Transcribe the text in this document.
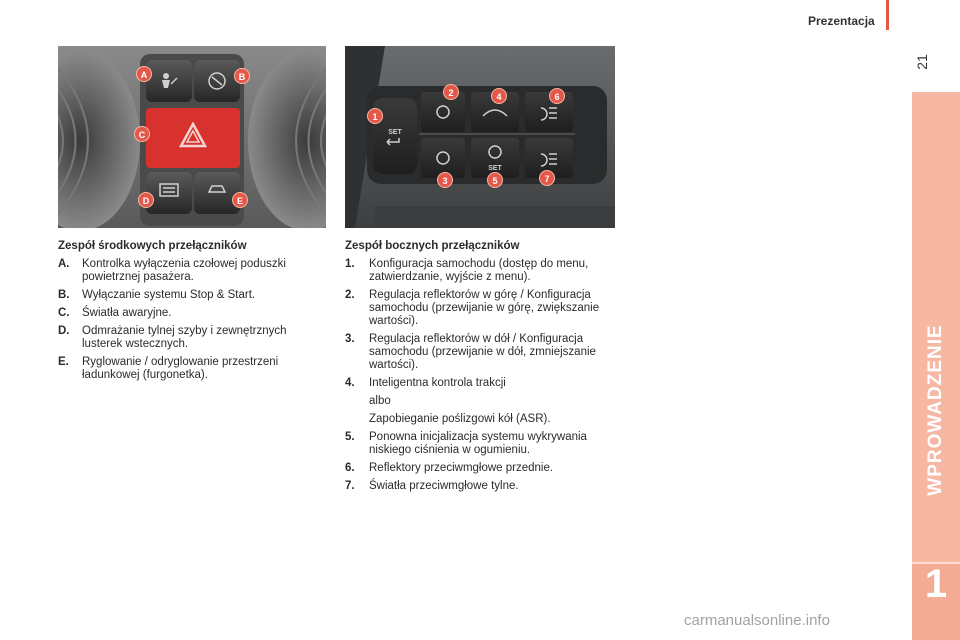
Prezentacja
21
WPROWADZENIE
1
A	B
C
D	E
SET
SET
1
2
3
4
5
6
7
Zespół środkowych przełączników
A.	Kontrolka wyłączenia czołowej poduszki powietrznej pasażera.
B.	Wyłączanie systemu Stop & Start.
C.	Światła awaryjne.
D.	Odmrażanie tylnej szyby i zewnętrznych lusterek wstecznych.
E.	Ryglowanie / odryglowanie przestrzeni ładunkowej (furgonetka).
Zespół bocznych przełączników
1.	Konfiguracja samochodu (dostęp do menu, zatwierdzanie, wyjście z menu).
2.	Regulacja reflektorów w górę / Konfiguracja samochodu (przewijanie w górę, zwiększanie wartości).
3.	Regulacja reflektorów w dół / Konfiguracja samochodu (przewijanie w dół, zmniejszanie wartości).
4.	Inteligentna kontrola trakcji
albo
Zapobieganie poślizgowi kół (ASR).
5.	Ponowna inicjalizacja systemu wykrywania niskiego ciśnienia w ogumieniu.
6.	Reflektory przeciwmgłowe przednie.
7.	Światła przeciwmgłowe tylne.
carmanualsonline.info
